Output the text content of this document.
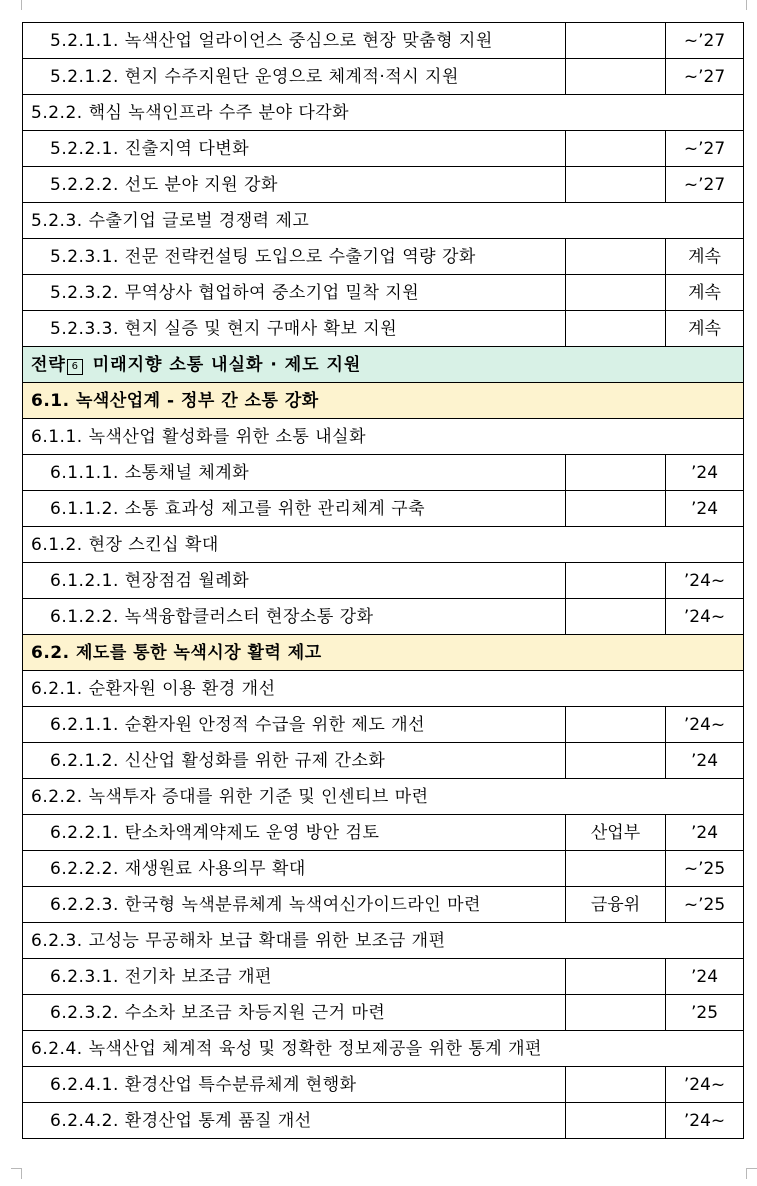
5.2.1.1. 녹색산업 얼라이언스 중심으로 현장 맞춤형 지원		~’27
5.2.1.2. 현지 수주지원단 운영으로 체계적·적시 지원		~’27
5.2.2. 핵심 녹색인프라 수주 분야 다각화		
5.2.2.1. 진출지역 다변화		~’27
5.2.2.2. 선도 분야 지원 강화		~’27
5.2.3. 수출기업 글로벌 경쟁력 제고		
5.2.3.1. 전문 전략컨설팅 도입으로 수출기업 역량 강화		계속
5.2.3.2. 무역상사 협업하여 중소기업 밀착 지원		계속
5.2.3.3. 현지 실증 및 현지 구매사 확보 지원		계속
전략 6 미래지향 소통 내실화 · 제도 지원		
6.1. 녹색산업계 - 정부 간 소통 강화		
6.1.1. 녹색산업 활성화를 위한 소통 내실화		
6.1.1.1. 소통채널 체계화		’24
6.1.1.2. 소통 효과성 제고를 위한 관리체계 구축		’24
6.1.2. 현장 스킨십 확대		
6.1.2.1. 현장점검 월례화		’24~
6.1.2.2. 녹색융합클러스터 현장소통 강화		’24~
6.2. 제도를 통한 녹색시장 활력 제고		
6.2.1. 순환자원 이용 환경 개선		
6.2.1.1. 순환자원 안정적 수급을 위한 제도 개선		’24~
6.2.1.2. 신산업 활성화를 위한 규제 간소화		’24
6.2.2. 녹색투자 증대를 위한 기준 및 인센티브 마련		
6.2.2.1. 탄소차액계약제도 운영 방안 검토	산업부	’24
6.2.2.2. 재생원료 사용의무 확대		~’25
6.2.2.3. 한국형 녹색분류체계 녹색여신가이드라인 마련	금융위	~’25
6.2.3. 고성능 무공해차 보급 확대를 위한 보조금 개편		
6.2.3.1. 전기차 보조금 개편		’24
6.2.3.2. 수소차 보조금 차등지원 근거 마련		’25
6.2.4. 녹색산업 체계적 육성 및 정확한 정보제공을 위한 통계 개편		
6.2.4.1. 환경산업 특수분류체계 현행화		’24~
6.2.4.2. 환경산업 통계 품질 개선		’24~
